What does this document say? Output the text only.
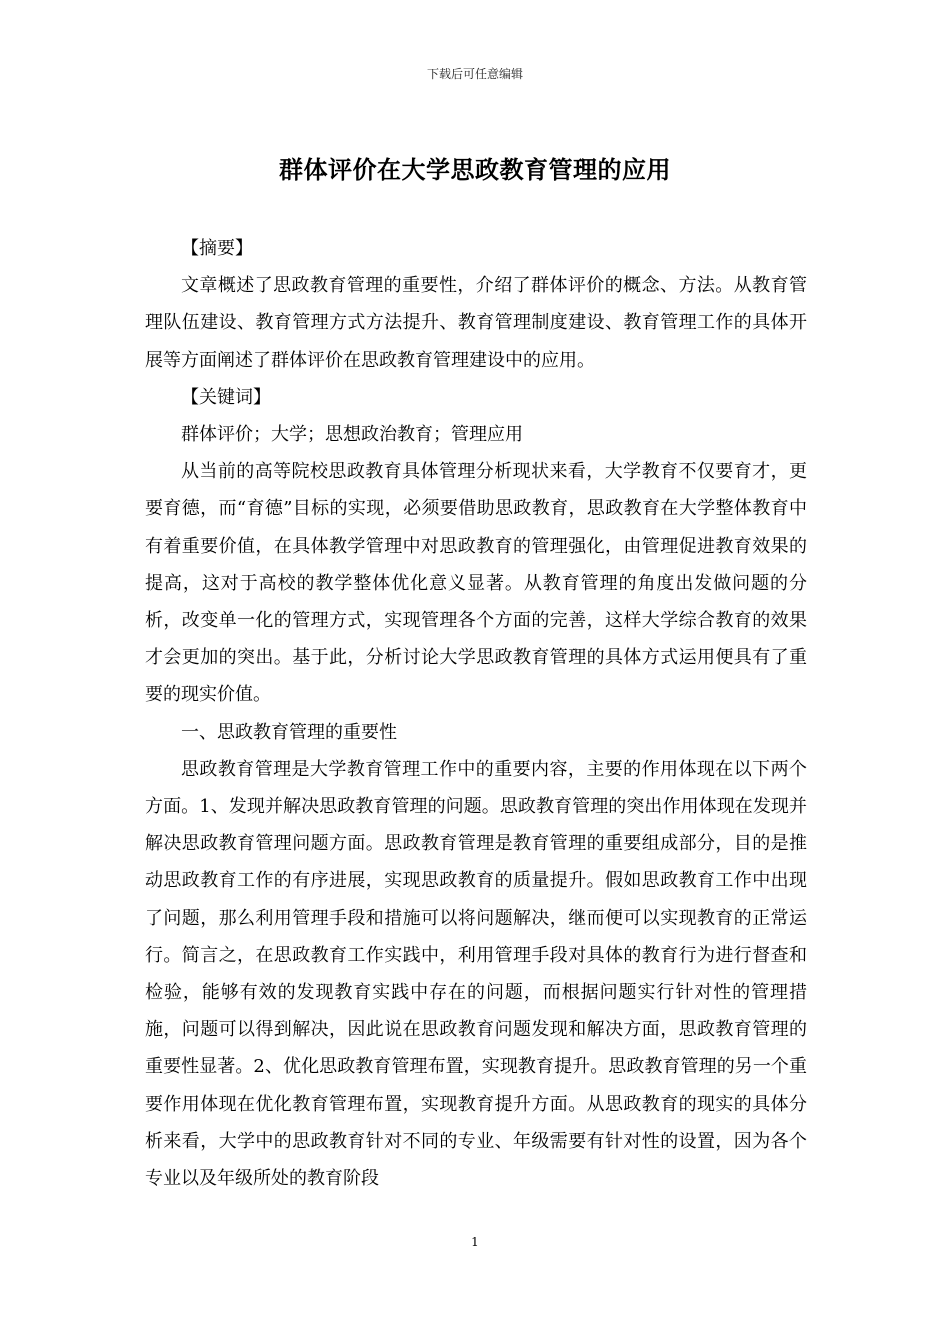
下载后可任意编辑
群体评价在大学思政教育管理的应用

【摘要】

文章概述了思政教育管理的重要性，介绍了群体评价的概念、方法。从教育管理队伍建设、教育管理方式方法提升、教育管理制度建设、教育管理工作的具体开展等方面阐述了群体评价在思政教育管理建设中的应用。

【关键词】

群体评价；大学；思想政治教育；管理应用

从当前的高等院校思政教育具体管理分析现状来看，大学教育不仅要育才，更要育德，而“育德”目标的实现，必须要借助思政教育，思政教育在大学整体教育中有着重要价值，在具体教学管理中对思政教育的管理强化，由管理促进教育效果的提高，这对于高校的教学整体优化意义显著。从教育管理的角度出发做问题的分析，改变单一化的管理方式，实现管理各个方面的完善，这样大学综合教育的效果才会更加的突出。基于此，分析讨论大学思政教育管理的具体方式运用便具有了重要的现实价值。

一、思政教育管理的重要性

思政教育管理是大学教育管理工作中的重要内容，主要的作用体现在以下两个方面。1、发现并解决思政教育管理的问题。思政教育管理的突出作用体现在发现并解决思政教育管理问题方面。思政教育管理是教育管理的重要组成部分，目的是推动思政教育工作的有序进展，实现思政教育的质量提升。假如思政教育工作中出现了问题，那么利用管理手段和措施可以将问题解决，继而便可以实现教育的正常运行。简言之，在思政教育工作实践中，利用管理手段对具体的教育行为进行督查和检验，能够有效的发现教育实践中存在的问题，而根据问题实行针对性的管理措施，问题可以得到解决，因此说在思政教育问题发现和解决方面，思政教育管理的重要性显著。2、优化思政教育管理布置，实现教育提升。思政教育管理的另一个重要作用体现在优化教育管理布置，实现教育提升方面。从思政教育的现实的具体分析来看，大学中的思政教育针对不同的专业、年级需要有针对性的设置，因为各个专业以及年级所处的教育阶段

1
